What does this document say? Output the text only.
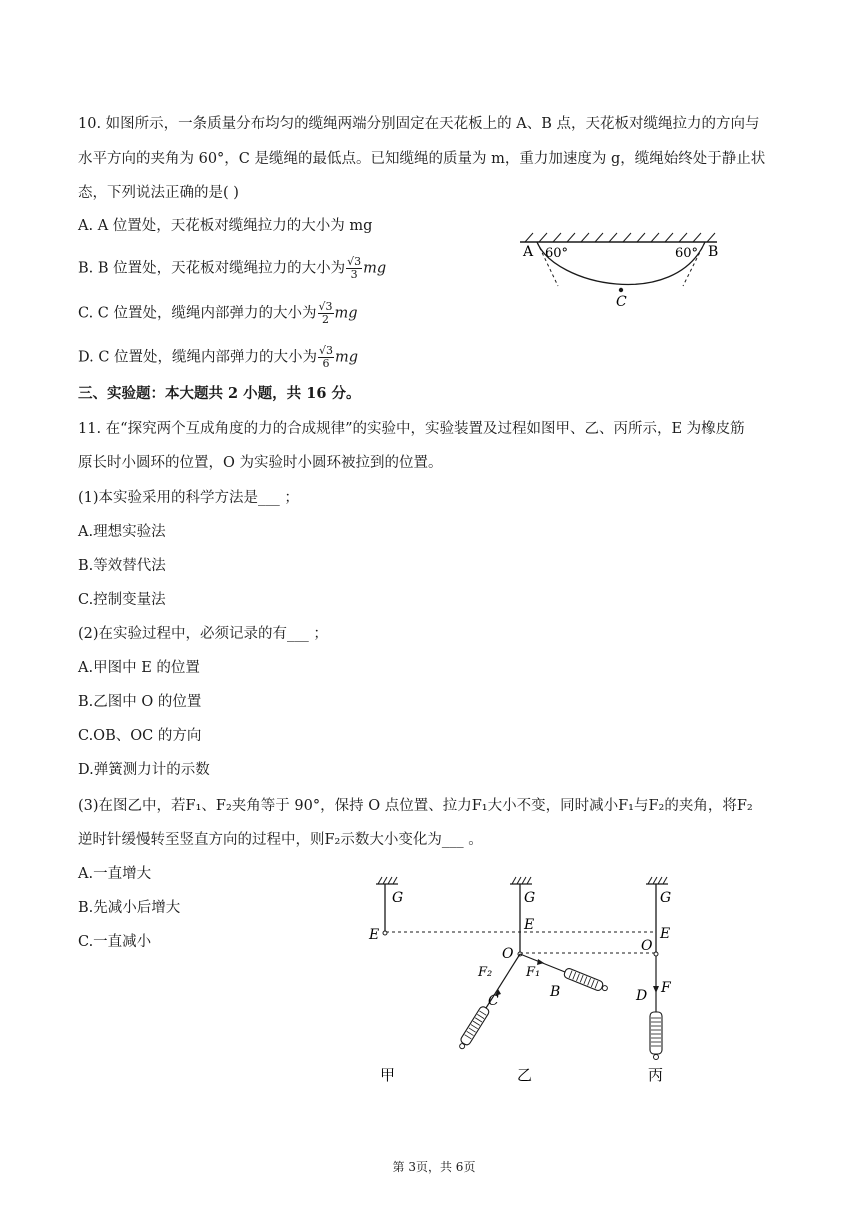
10. 如图所示，一条质量分布均匀的缆绳两端分别固定在天花板上的 A、B 点，天花板对缆绳拉力的方向与
水平方向的夹角为 60°，C 是缆绳的最低点。已知缆绳的质量为 m，重力加速度为 g，缆绳始终处于静止状
态，下列说法正确的是( )
A. A 位置处，天花板对缆绳拉力的大小为 mg
B. B 位置处，天花板对缆绳拉力的大小为 $\frac{√3}{3}$ mg
C. C 位置处，缆绳内部弹力的大小为 $\frac{√3}{2}$ mg
D. C 位置处，缆绳内部弹力的大小为 $\frac{√3}{6}$ mg
A	B
C
60°	60°
三、实验题：本大题共 2 小题，共 16 分。
11. 在“探究两个互成角度的力的合成规律”的实验中，实验装置及过程如图甲、乙、丙所示，E 为橡皮筋
原长时小圆环的位置，O 为实验时小圆环被拉到的位置。
(1)本实验采用的科学方法是___ ；
A.理想实验法
B.等效替代法
C.控制变量法
(2)在实验过程中，必须记录的有___ ；
A.甲图中 E 的位置
B.乙图中 O 的位置
C.OB、OC 的方向
D.弹簧测力计的示数
(3)在图乙中，若F₁、F₂夹角等于 90°，保持 O 点位置、拉力F₁大小不变，同时减小F₁与F₂的夹角，将F₂
逆时针缓慢转至竖直方向的过程中，则F₂示数大小变化为___ 。
A.一直增大
B.先减小后增大
C.一直减小
G
E
甲
G
E
O
F₂	F₁
B
C
乙
G
O
E
D F
丙
第 3页，共 6页
